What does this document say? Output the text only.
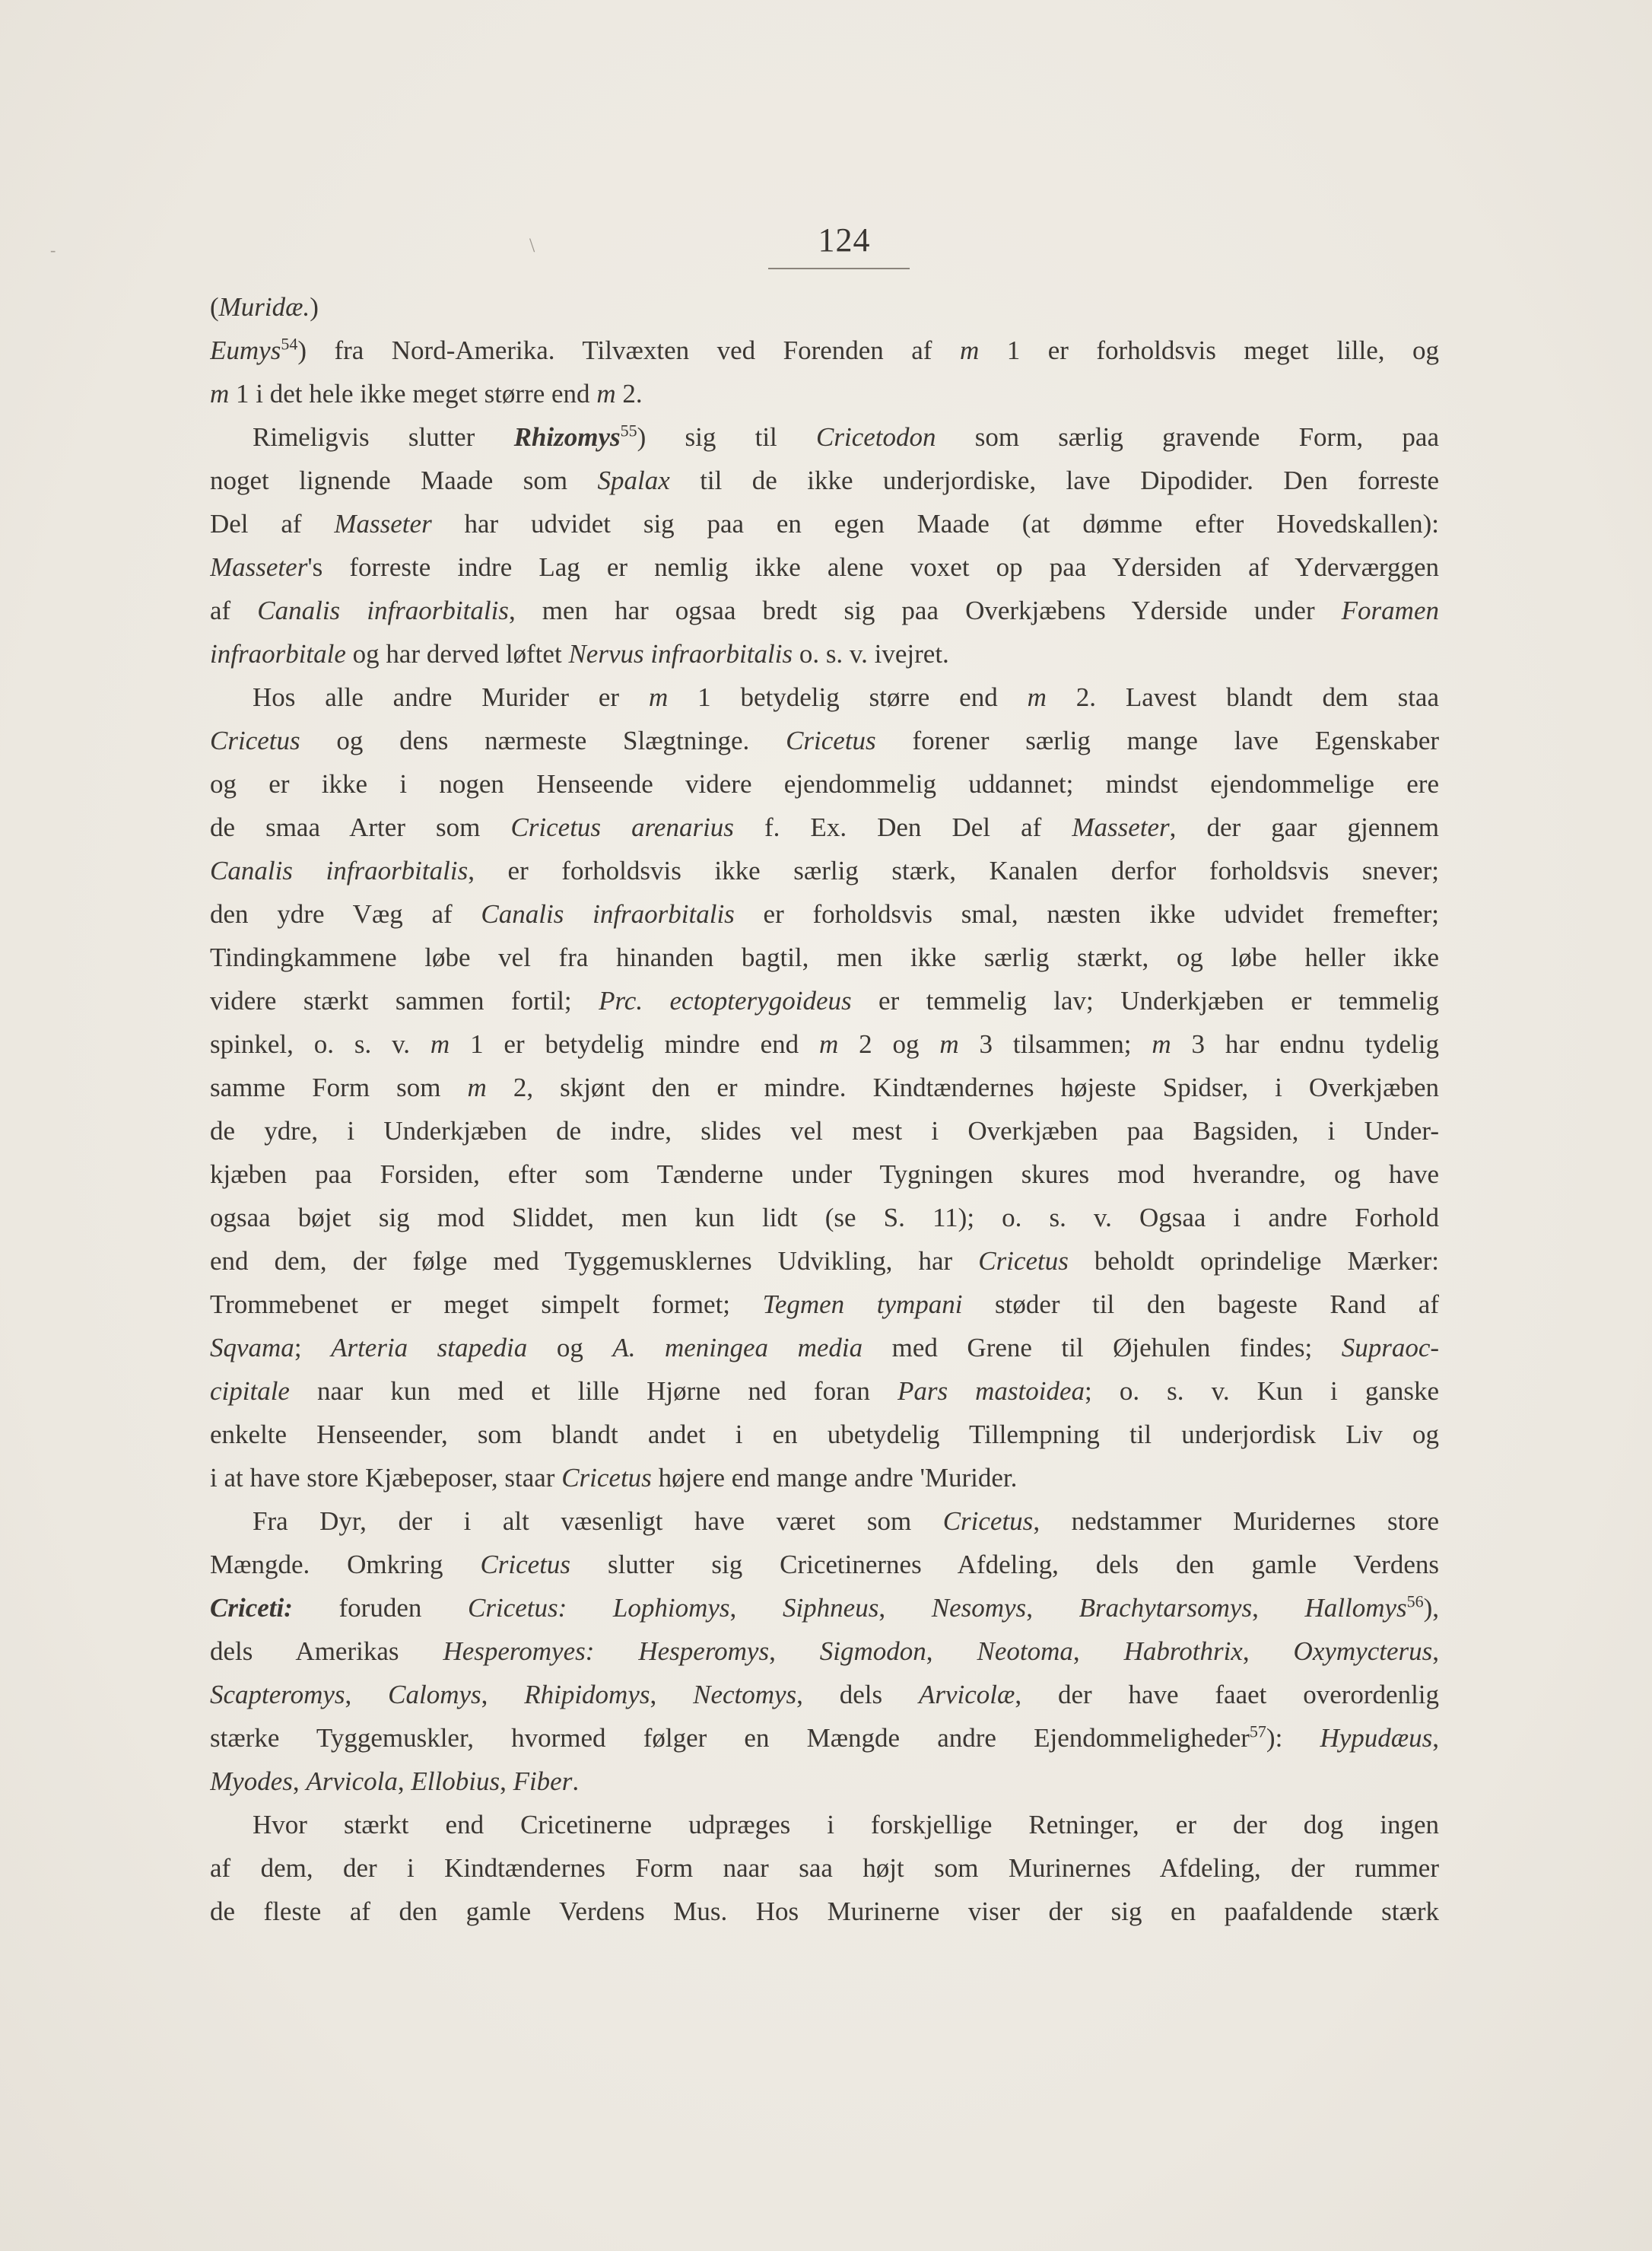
-	\	124
(Muridæ.)
Eumys$^{54}$) fra Nord-Amerika. Tilvæxten ved Forenden af m 1 er forholdsvis meget lille, og
m 1 i det hele ikke meget større end m 2.
Rimeligvis slutter Rhizomys$^{55}$) sig til Cricetodon som særlig gravende Form, paa
noget lignende Maade som Spalax til de ikke underjordiske, lave Dipodider. Den forreste
Del af Masseter har udvidet sig paa en egen Maade (at dømme efter Hovedskallen):
Masseter's forreste indre Lag er nemlig ikke alene voxet op paa Ydersiden af Yderværggen
af Canalis infraorbitalis, men har ogsaa bredt sig paa Overkjæbens Yderside under Foramen
infraorbitale og har derved løftet Nervus infraorbitalis o. s. v. ivejret.
Hos alle andre Murider er m 1 betydelig større end m 2. Lavest blandt dem staa
Cricetus og dens nærmeste Slægtninge. Cricetus forener særlig mange lave Egenskaber
og er ikke i nogen Henseende videre ejendommelig uddannet; mindst ejendommelige ere
de smaa Arter som Cricetus arenarius f. Ex. Den Del af Masseter, der gaar gjennem
Canalis infraorbitalis, er forholdsvis ikke særlig stærk, Kanalen derfor forholdsvis snever;
den ydre Væg af Canalis infraorbitalis er forholdsvis smal, næsten ikke udvidet fremefter;
Tindingkammene løbe vel fra hinanden bagtil, men ikke særlig stærkt, og løbe heller ikke
videre stærkt sammen fortil; Prc. ectopterygoideus er temmelig lav; Underkjæben er temmelig
spinkel, o. s. v. m 1 er betydelig mindre end m 2 og m 3 tilsammen; m 3 har endnu tydelig
samme Form som m 2, skjønt den er mindre. Kindtændernes højeste Spidser, i Overkjæben
de ydre, i Underkjæben de indre, slides vel mest i Overkjæben paa Bagsiden, i Under-
kjæben paa Forsiden, efter som Tænderne under Tygningen skures mod hverandre, og have
ogsaa bøjet sig mod Sliddet, men kun lidt (se S. 11); o. s. v. Ogsaa i andre Forhold
end dem, der følge med Tyggemusklernes Udvikling, har Cricetus beholdt oprindelige Mærker:
Trommebenet er meget simpelt formet; Tegmen tympani støder til den bageste Rand af
Sqvama; Arteria stapedia og A. meningea media med Grene til Øjehulen findes; Supraoc-
cipitale naar kun med et lille Hjørne ned foran Pars mastoidea; o. s. v. Kun i ganske
enkelte Henseender, som blandt andet i en ubetydelig Tillempning til underjordisk Liv og
i at have store Kjæbeposer, staar Cricetus højere end mange andre 'Murider.
Fra Dyr, der i alt væsenligt have været som Cricetus, nedstammer Muridernes store
Mængde. Omkring Cricetus slutter sig Cricetinernes Afdeling, dels den gamle Verdens
Criceti: foruden Cricetus: Lophiomys, Siphneus, Nesomys, Brachytarsomys, Hallomys$^{56}$),
dels Amerikas Hesperomyes: Hesperomys, Sigmodon, Neotoma, Habrothrix, Oxymycterus,
Scapteromys, Calomys, Rhipidomys, Nectomys, dels Arvicolæ, der have faaet overordenlig
stærke Tyggemuskler, hvormed følger en Mængde andre Ejendommeligheder$^{57}$): Hypudæus,
Myodes, Arvicola, Ellobius, Fiber.
Hvor stærkt end Cricetinerne udpræges i forskjellige Retninger, er der dog ingen
af dem, der i Kindtændernes Form naar saa højt som Murinernes Afdeling, der rummer
de fleste af den gamle Verdens Mus. Hos Murinerne viser der sig en paafaldende stærk
